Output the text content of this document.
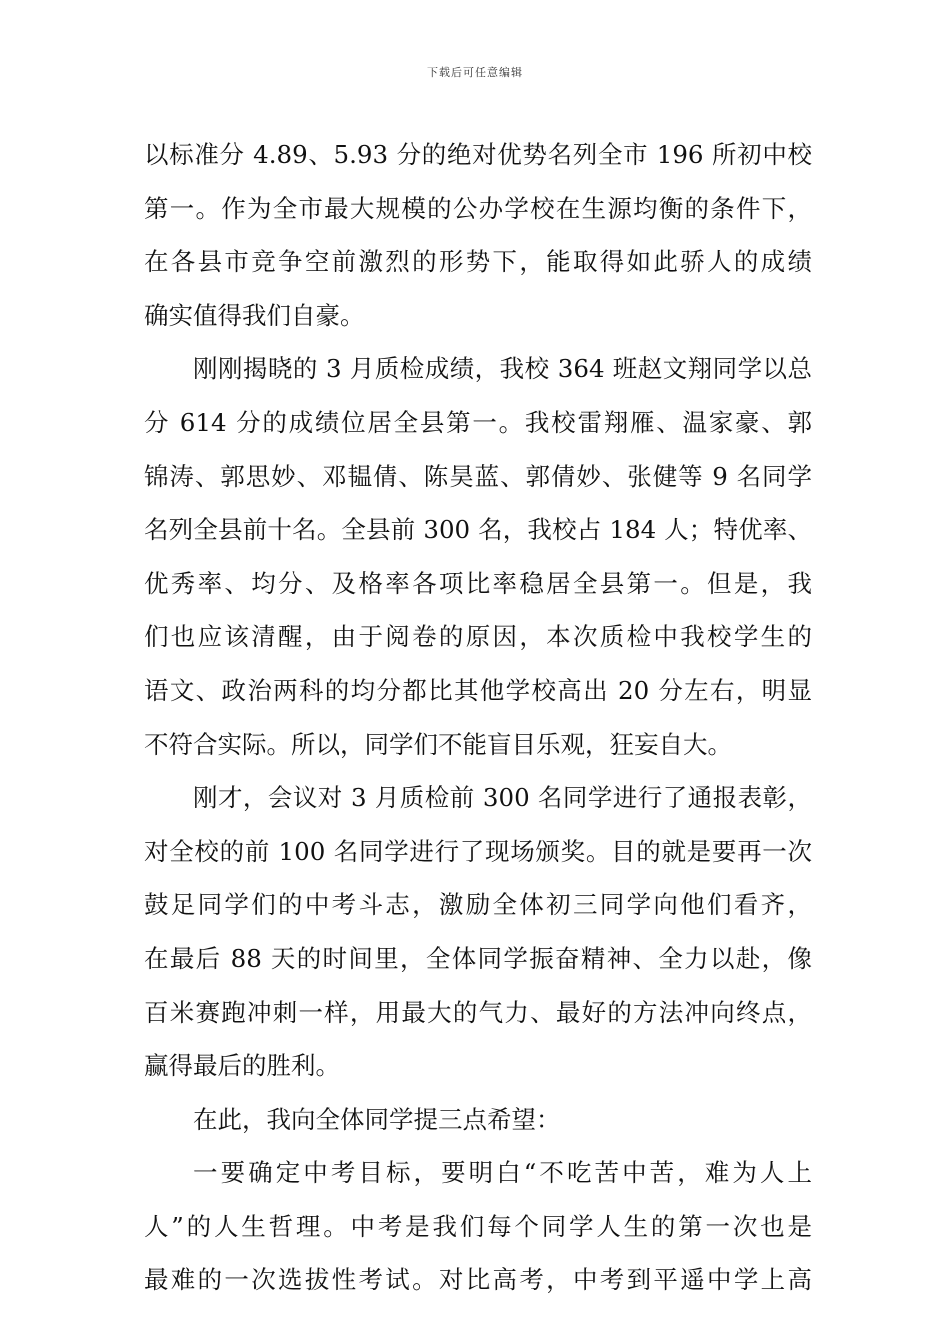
下载后可任意编辑
以标准分 4.89、5.93 分的绝对优势名列全市 196 所初中校
第一。作为全市最大规模的公办学校在生源均衡的条件下，
在各县市竞争空前激烈的形势下，能取得如此骄人的成绩
确实值得我们自豪。
刚刚揭晓的 3 月质检成绩，我校 364 班赵文翔同学以总
分 614 分的成绩位居全县第一。我校雷翔雁、温家豪、郭
锦涛、郭思妙、邓韫倩、陈昊蓝、郭倩妙、张健等 9 名同学
名列全县前十名。全县前 300 名，我校占 184 人；特优率、
优秀率、均分、及格率各项比率稳居全县第一。但是，我
们也应该清醒，由于阅卷的原因，本次质检中我校学生的
语文、政治两科的均分都比其他学校高出 20 分左右，明显
不符合实际。所以，同学们不能盲目乐观，狂妄自大。
刚才，会议对 3 月质检前 300 名同学进行了通报表彰，
对全校的前 100 名同学进行了现场颁奖。目的就是要再一次
鼓足同学们的中考斗志，激励全体初三同学向他们看齐，
在最后 88 天的时间里，全体同学振奋精神、全力以赴，像
百米赛跑冲刺一样，用最大的气力、最好的方法冲向终点，
赢得最后的胜利。
在此，我向全体同学提三点希望：
一要确定中考目标，要明白“不吃苦中苦，难为人上
人”的人生哲理。中考是我们每个同学人生的第一次也是
最难的一次选拔性考试。对比高考，中考到平遥中学上高
